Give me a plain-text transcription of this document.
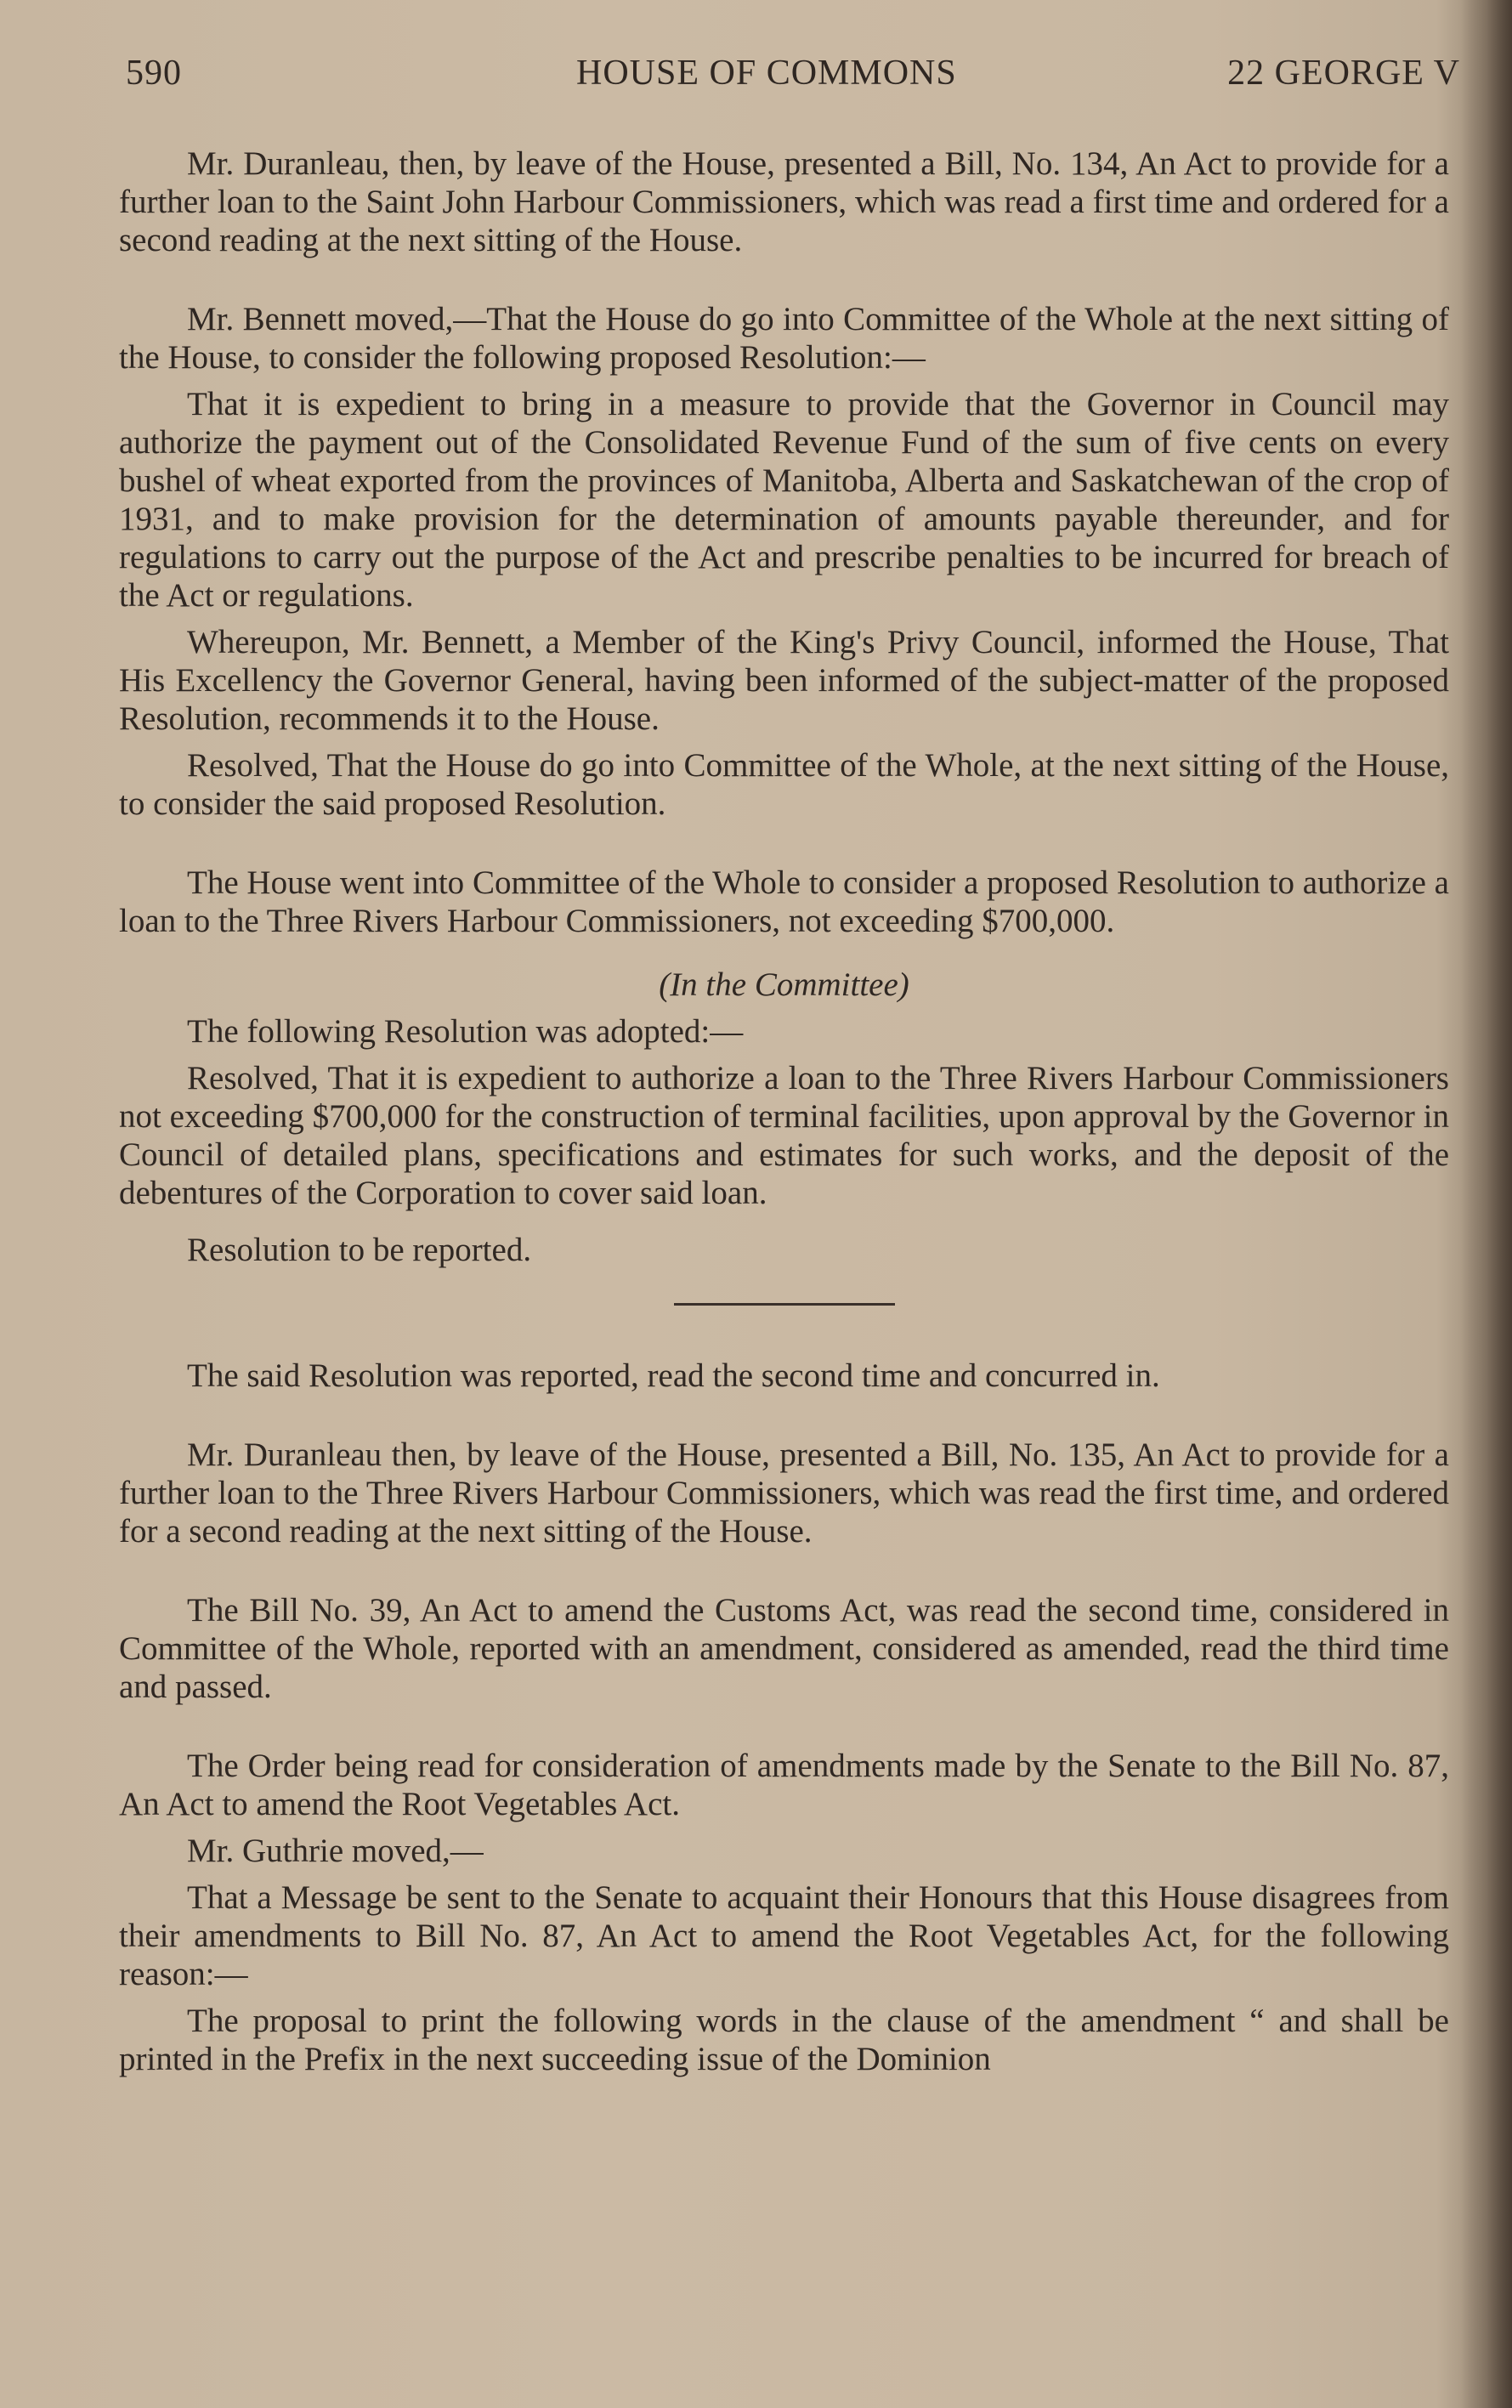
590	HOUSE OF COMMONS	22 GEORGE V

Mr. Duranleau, then, by leave of the House, presented a Bill, No. 134, An Act to provide for a further loan to the Saint John Harbour Commissioners, which was read a first time and ordered for a second reading at the next sitting of the House.

Mr. Bennett moved,—That the House do go into Committee of the Whole at the next sitting of the House, to consider the following proposed Resolution:—

That it is expedient to bring in a measure to provide that the Governor in Council may authorize the payment out of the Consolidated Revenue Fund of the sum of five cents on every bushel of wheat exported from the provinces of Manitoba, Alberta and Saskatchewan of the crop of 1931, and to make provision for the determination of amounts payable thereunder, and for regulations to carry out the purpose of the Act and prescribe penalties to be incurred for breach of the Act or regulations.

Whereupon, Mr. Bennett, a Member of the King's Privy Council, informed the House, That His Excellency the Governor General, having been informed of the subject-matter of the proposed Resolution, recommends it to the House.

Resolved, That the House do go into Committee of the Whole, at the next sitting of the House, to consider the said proposed Resolution.

The House went into Committee of the Whole to consider a proposed Resolution to authorize a loan to the Three Rivers Harbour Commissioners, not exceeding $700,000.

(In the Committee)

The following Resolution was adopted:—

Resolved, That it is expedient to authorize a loan to the Three Rivers Harbour Commissioners not exceeding $700,000 for the construction of terminal facilities, upon approval by the Governor in Council of detailed plans, specifications and estimates for such works, and the deposit of the debentures of the Corporation to cover said loan.

Resolution to be reported.

The said Resolution was reported, read the second time and concurred in.

Mr. Duranleau then, by leave of the House, presented a Bill, No. 135, An Act to provide for a further loan to the Three Rivers Harbour Commissioners, which was read the first time, and ordered for a second reading at the next sitting of the House.

The Bill No. 39, An Act to amend the Customs Act, was read the second time, considered in Committee of the Whole, reported with an amendment, considered as amended, read the third time and passed.

The Order being read for consideration of amendments made by the Senate to the Bill No. 87, An Act to amend the Root Vegetables Act.

Mr. Guthrie moved,—

That a Message be sent to the Senate to acquaint their Honours that this House disagrees from their amendments to Bill No. 87, An Act to amend the Root Vegetables Act, for the following reason:—

The proposal to print the following words in the clause of the amendment “ and shall be printed in the Prefix in the next succeeding issue of the Dominion
